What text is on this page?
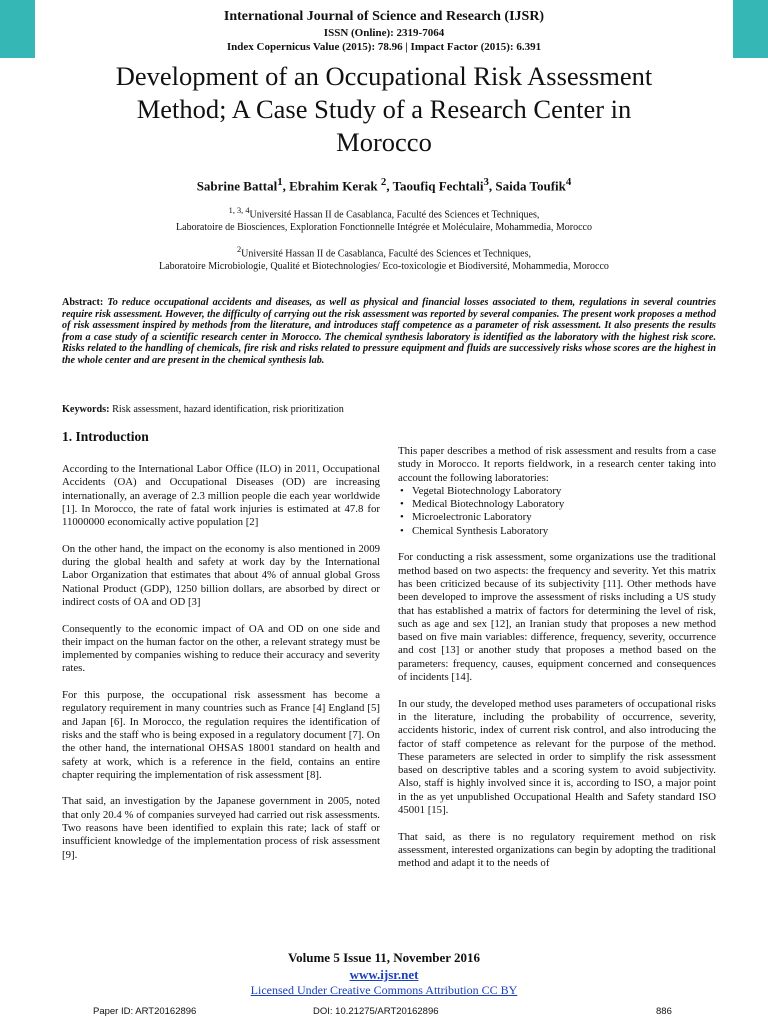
International Journal of Science and Research (IJSR)
ISSN (Online): 2319-7064
Index Copernicus Value (2015): 78.96 | Impact Factor (2015): 6.391
Development of an Occupational Risk Assessment
Method; A Case Study of a Research Center in
Morocco
Sabrine Battal$^1$, Ebrahim Kerak $^2$, Taoufiq Fechtali$^3$, Saida Toufik$^4$
$^{1, 3, 4}$Université Hassan II de Casablanca, Faculté des Sciences et Techniques,
Laboratoire de Biosciences, Exploration Fonctionnelle Intégrée et Moléculaire, Mohammedia, Morocco
$^2$Université Hassan II de Casablanca, Faculté des Sciences et Techniques,
Laboratoire Microbiologie, Qualité et Biotechnologies/ Eco-toxicologie et Biodiversité, Mohammedia, Morocco
Abstract: To reduce occupational accidents and diseases, as well as physical and financial losses associated to them, regulations in several countries require risk assessment. However, the difficulty of carrying out the risk assessment was reported by several companies. The present work proposes a method of risk assessment inspired by methods from the literature, and introduces staff competence as a parameter of risk assessment. It also presents the results from a case study of a scientific research center in Morocco. The chemical synthesis laboratory is identified as the laboratory with the highest risk score. Risks related to the handling of chemicals, fire risk and risks related to pressure equipment and fluids are successively risks whose scores are the highest in the whole center and are present in the chemical synthesis lab.
Keywords: Risk assessment, hazard identification, risk prioritization
1. Introduction

According to the International Labor Office (ILO) in 2011, Occupational Accidents (OA) and Occupational Diseases (OD) are increasing internationally, an average of 2.3 million people die each year worldwide [1]. In Morocco, the rate of fatal work injuries is estimated at 47.8 for 11000000 economically active population [2]

On the other hand, the impact on the economy is also mentioned in 2009 during the global health and safety at work day by the International Labor Organization that estimates that about 4% of annual global Gross National Product (GDP), 1250 billion dollars, are absorbed by direct or indirect costs of OA and OD [3]

Consequently to the economic impact of OA and OD on one side and their impact on the human factor on the other, a relevant strategy must be implemented by companies wishing to reduce their accuracy and severity rates.

For this purpose, the occupational risk assessment has become a regulatory requirement in many countries such as France [4] England [5] and Japan [6]. In Morocco, the regulation requires the identification of risks and the staff who is being exposed in a regulatory document [7]. On the other hand, the international OHSAS 18001 standard on health and safety at work, which is a reference in the field, contains an entire chapter requiring the implementation of risk assessment [8].

That said, an investigation by the Japanese government in 2005, noted that only 20.4 % of companies surveyed had carried out risk assessments. Two reasons have been identified to explain this rate; lack of staff or insufficient knowledge of the implementation process of risk assessment [9].

This paper describes a method of risk assessment and results from a case study in Morocco. It reports fieldwork, in a research center taking into account the following laboratories:

• Vegetal Biotechnology Laboratory
• Medical Biotechnology Laboratory
• Microelectronic Laboratory
• Chemical Synthesis Laboratory

For conducting a risk assessment, some organizations use the traditional method based on two aspects: the frequency and severity. Yet this matrix has been criticized because of its subjectivity [11]. Other methods have been developed to improve the assessment of risks including a US study that has established a matrix of factors for determining the level of risk, such as age and sex [12], an Iranian study that proposes a new method based on five main variables: difference, frequency, severity, occurrence and cost [13] or another study that proposes a method based on the parameters: frequency, causes, equipment concerned and consequences of incidents [14].

In our study, the developed method uses parameters of occupational risks in the literature, including the probability of occurrence, severity, accidents historic, index of current risk control, and also introducing the factor of staff competence as relevant for the purpose of the method. These parameters are selected in order to simplify the risk assessment based on descriptive tables and a scoring system to avoid subjectivity. Also, staff is highly involved since it is, according to ISO, a major point in the as yet unpublished Occupational Health and Safety standard ISO 45001 [15].

That said, as there is no regulatory requirement method on risk assessment, interested organizations can begin by adopting the traditional method and adapt it to the needs of

Volume 5 Issue 11, November 2016
www.ijsr.net
Licensed Under Creative Commons Attribution CC BY
Paper ID: ART20162896	DOI: 10.21275/ART20162896	886
